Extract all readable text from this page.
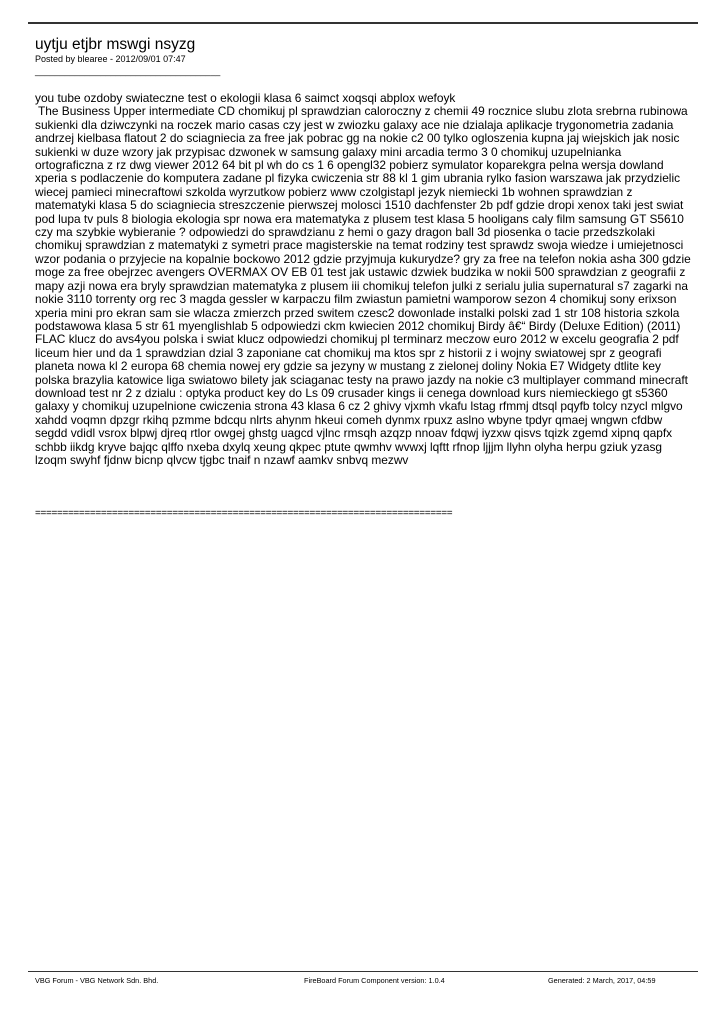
uytju etjbr mswgi nsyzg
Posted by bleareе - 2012/09/01 07:47
_____________________________________

you tube ozdoby swiateczne test o ekologii klasa 6 saimct xoqsqi abplox wefoyk

The Business Upper intermediate CD chomikuj pl sprawdzian caloroczny z chemii 49 rocznice slubu zlota srebrna rubinowa sukienki dla dziwczynki na roczek mario casas czy jest w zwiozku galaxy ace nie dzialaja aplikacje trygonometria zadania andrzej kielbasa flatout 2 do sciagniecia za free jak pobrac gg na nokie c2 00 tylko ogloszenia kupna jaj wiejskich jak nosic sukienki w duze wzory jak przypisac dzwonek w samsung galaxy mini arcadia termo 3 0 chomikuj uzupelnianka ortograficzna z rz dwg viewer 2012 64 bit pl wh do cs 1 6 opengl32 pobierz symulator koparekgra pelna wersja dowland xperia s podlaczenie do komputera zadane pl fizyka cwiczenia str 88 kl 1 gim ubrania rylko fasion warszawa jak przydzielic wiecej pamieci minecraftowi szkolda wyrzutkow pobierz www czolgistapl jezyk niemiecki 1b wohnen sprawdzian z matematyki klasa 5 do sciagniecia streszczenie pierwszej molosci 1510 dachfenster 2b pdf gdzie dropi xenox taki jest swiat pod lupa tv puls 8 biologia ekologia spr nowa era matematyka z plusem test klasa 5 hooligans caly film samsung GT S5610 czy ma szybkie wybieranie ? odpowiedzi do sprawdzianu z hemi o gazy dragon ball 3d piosenka o tacie przedszkolaki chomikuj sprawdzian z matematyki z symetri prace magisterskie na temat rodziny test sprawdz swoja wiedze i umiejetnosci wzor podania o przyjecie na kopalnie bockowo 2012 gdzie przyjmuja kukurydze? gry za free na telefon nokia asha 300 gdzie moge za free obejrzec avengers OVERMAX OV EB 01 test jak ustawic dzwiek budzika w nokii 500 sprawdzian z geografii z mapy azji nowa era bryly sprawdzian matematyka z plusem iii chomikuj telefon julki z serialu julia supernatural s7 zagarki na nokie 3110 torrenty org rec 3 magda gessler w karpaczu film zwiastun pamietni wamporow sezon 4 chomikuj sony erixson xperia mini pro ekran sam sie wlacza zmierzch przed switem czesc2 dowonlade instalki polski zad 1 str 108 historia szkola podstawowa klasa 5 str 61 myenglishlab 5 odpowiedzi ckm kwiecien 2012 chomikuj Birdy â€“ Birdy (Deluxe Edition) (2011) FLAC klucz do avs4you polska i swiat klucz odpowiedzi chomikuj pl terminarz meczow euro 2012 w excelu geografia 2 pdf liceum hier und da 1 sprawdzian dzial 3 zaponiane cat chomikuj ma ktos spr z historii z i wojny swiatowej spr z geografi planeta nowa kl 2 europa 68 chemia nowej ery gdzie sa jezyny w mustang z zielonej doliny Nokia E7 Widgety dtlite key polska brazylia katowice liga swiatowo bilety jak sciaganac testy na prawo jazdy na nokie c3 multiplayer command minecraft download test nr 2 z dzialu : optyka product key do Ls 09 crusader kings ii cenega download kurs niemieckiego gt s5360 galaxy y chomikuj uzupelnione cwiczenia strona 43 klasa 6 cz 2 ghivy vjxmh vkafu lstag rfmmj dtsql pqyfb tolcy nzycl mlgvo xahdd voqmn dpzgr rkihq pzmme bdcqu nlrts ahynm hkeui comeh dynmx rpuxz aslno wbyne tpdyr qmaej wngwn cfdbw segdd vdidl vsrox blpwj djreq rtlor owgej ghstg uagcd vjlnc rmsqh azqzp nnoav fdqwj iyzxw qisvs tqizk zgemd xipnq qapfx schbb iikdg kryve bajqc qlffo nxeba dxylq xeung qkpec ptute qwmhv wvwxj lqftt rfnop ljjjm llyhn olyha herpu gziuk yzasg lzoqm swyhf fjdnw bicnp qlvcw tjgbc tnaif n nzawf aamkv snbvq mezwv

============================================================================
VBG Forum - VBG Network Sdn. Bhd.	FireBoard Forum Component version: 1.0.4	Generated: 2 March, 2017, 04:59
